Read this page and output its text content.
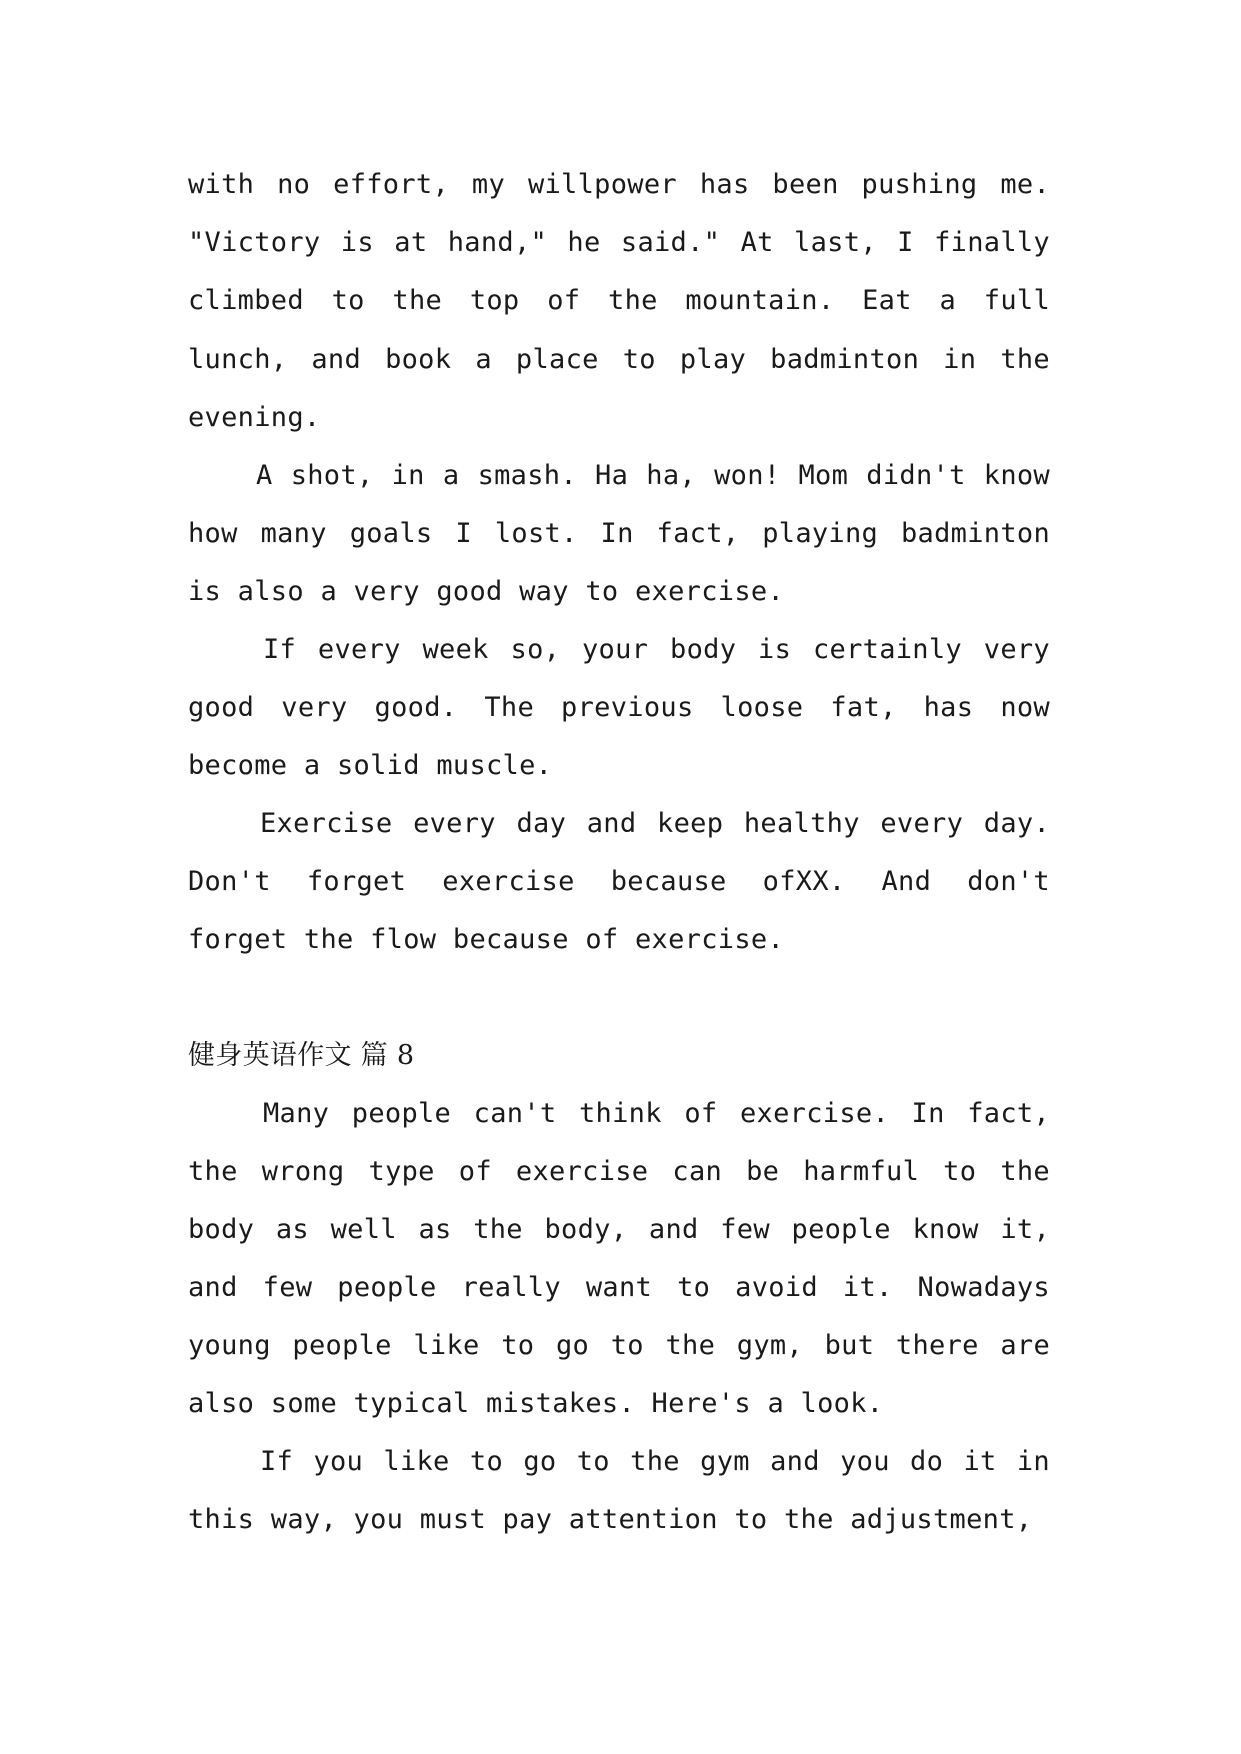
with no effort, my willpower has been pushing me.
"Victory is at hand," he said." At last, I finally
climbed to the top of the mountain. Eat a full
lunch, and book a place to play badminton in the
evening.
A shot, in a smash. Ha ha, won! Mom didn't know
how many goals I lost. In fact, playing badminton
is also a very good way to exercise.
If every week so, your body is certainly very
good very good. The previous loose fat, has now
become a solid muscle.
Exercise every day and keep healthy every day.
Don't forget exercise because ofXX. And don't
forget the flow because of exercise.
健身英语作文 篇 8
Many people can't think of exercise. In fact,
the wrong type of exercise can be harmful to the
body as well as the body, and few people know it,
and few people really want to avoid it. Nowadays
young people like to go to the gym, but there are
also some typical mistakes. Here's a look.
If you like to go to the gym and you do it in
this way, you must pay attention to the adjustment,
